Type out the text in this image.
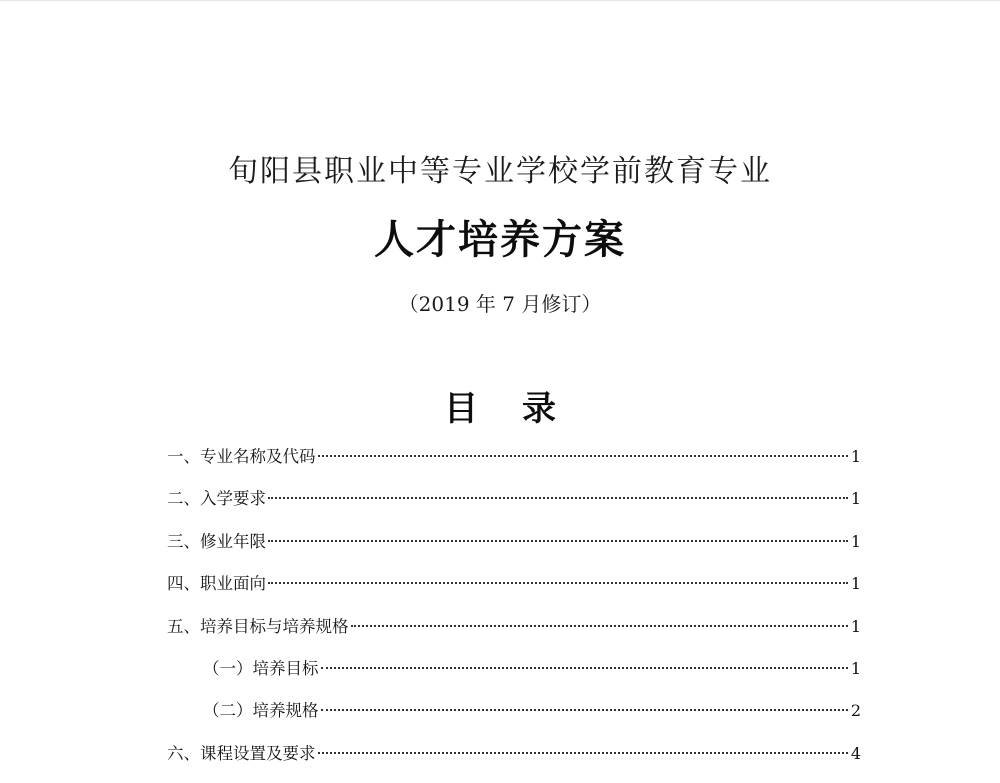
旬阳县职业中等专业学校学前教育专业
人才培养方案
（2019 年 7 月修订）
目 录
一、专业名称及代码	1
二、入学要求	1
三、修业年限	1
四、职业面向	1
五、培养目标与培养规格	1
（一）培养目标	1
（二）培养规格	2
六、课程设置及要求	4
